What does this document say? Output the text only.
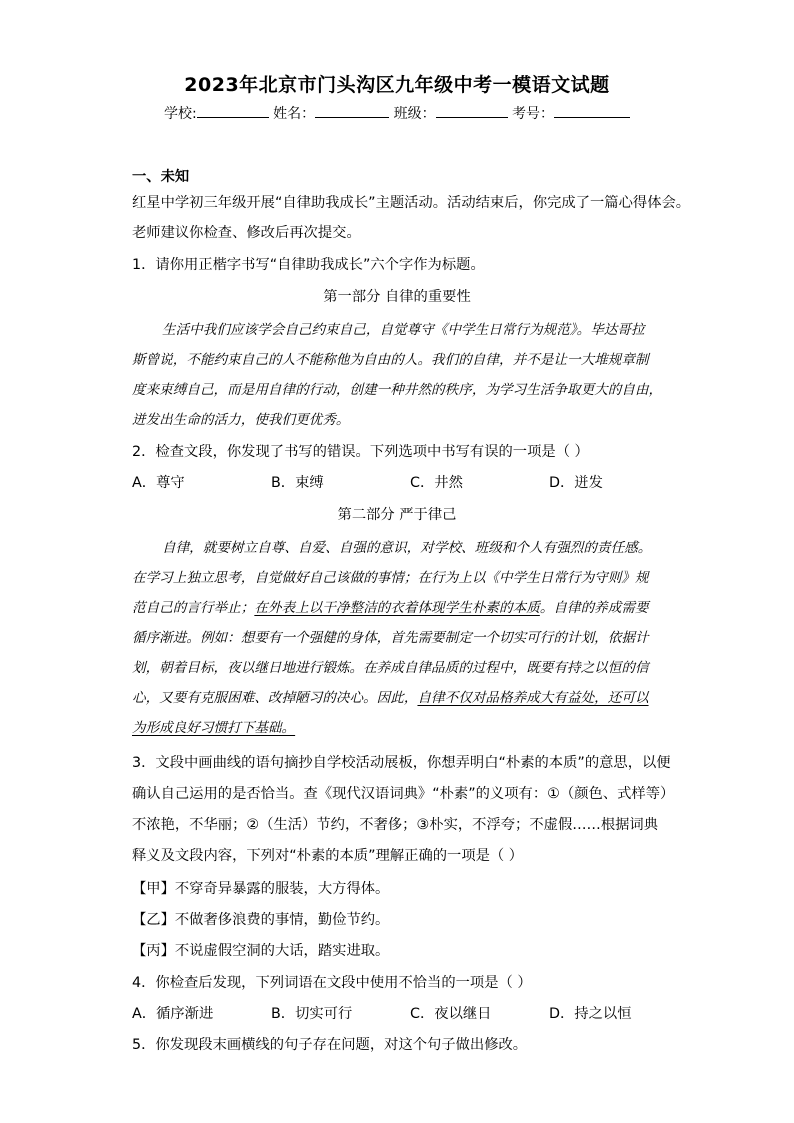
2023年北京市门头沟区九年级中考一模语文试题
学校:	姓名：	班级：	考号：
一、未知
红星中学初三年级开展“自律助我成长”主题活动。活动结束后，你完成了一篇心得体会。
老师建议你检查、修改后再次提交。
1．请你用正楷字书写“自律助我成长”六个字作为标题。
第一部分 自律的重要性
生活中我们应该学会自己约束自己，自觉尊守《中学生日常行为规范》。毕达哥拉
斯曾说，不能约束自己的人不能称他为自由的人。我们的自律，并不是让一大堆规章制
度来束缚自己，而是用自律的行动，创建一种井然的秩序，为学习生活争取更大的自由，
迸发出生命的活力，使我们更优秀。
2．检查文段，你发现了书写的错误。下列选项中书写有误的一项是（ ）
A．尊守	B．束缚	C．井然	D．迸发
第二部分 严于律己
自律，就要树立自尊、自爱、自强的意识，对学校、班级和个人有强烈的责任感。
在学习上独立思考，自觉做好自己该做的事情；在行为上以《中学生日常行为守则》规
范自己的言行举止；在外表上以干净整洁的衣着体现学生朴素的本质。自律的养成需要
循序渐进。例如：想要有一个强健的身体，首先需要制定一个切实可行的计划，依据计
划，朝着目标，夜以继日地进行锻炼。在养成自律品质的过程中，既要有持之以恒的信
心，又要有克服困难、改掉陋习的决心。因此，自律不仅对品格养成大有益处，还可以
为形成良好习惯打下基础。
3．文段中画曲线的语句摘抄自学校活动展板，你想弄明白“朴素的本质”的意思，以便
确认自己运用的是否恰当。查《现代汉语词典》“朴素”的义项有：①（颜色、式样等）
不浓艳，不华丽；②（生活）节约，不奢侈；③朴实，不浮夸；不虚假……根据词典
释义及文段内容，下列对“朴素的本质”理解正确的一项是（ ）
【甲】不穿奇异暴露的服装，大方得体。
【乙】不做奢侈浪费的事情，勤俭节约。
【丙】不说虚假空洞的大话，踏实进取。
4．你检查后发现，下列词语在文段中使用不恰当的一项是（ ）
A．循序渐进	B．切实可行	C．夜以继日	D．持之以恒
5．你发现段末画横线的句子存在问题，对这个句子做出修改。
